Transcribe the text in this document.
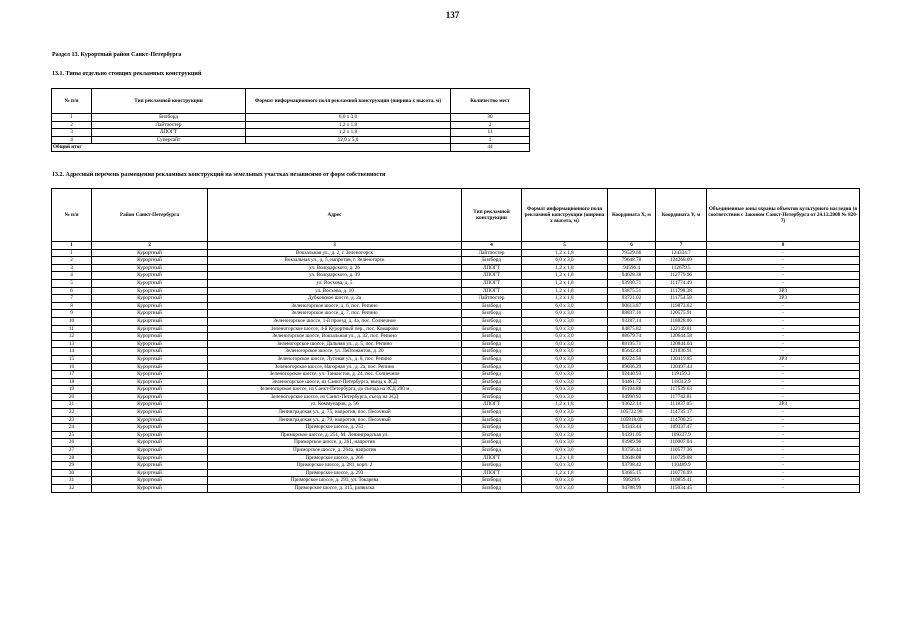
137
Раздел 13. Курортный район Санкт-Петербурга
13.1. Типы отдельно стоящих рекламных конструкций
№ п/п	Тип рекламной конструкции	Формат информационного поля рекламной конструкции (ширина х высота, м)	Количество мест
1	Билборд	6,0 х 3,0	30
2	Лайтпостер	1,2 х 1,8	2
3	ЛПОГТ	1,2 х 1,8	11
4	Суперсайт	12,0 х 5,0	1
Общий итог			44
13.2. Адресный перечень размещения рекламных конструкций на земельных участках независимо от форм собственности
№ п/п	Район Санкт-Петербурга	Адрес	Тип рекламной конструкции	Формат информационного поля рекламной конструкции (ширина х высота, м)	Координата X, м	Координата Y, м	Объединенные зоны охраны объектов культурного наследия (в соответствии с Законом Санкт-Петербурга от 24.12.2008 № 820-7)
1	2	3	4	5	6	7	8
1	Курортный	Вокзальная ул., д. 2, г. Зеленогорск	Лайтпостер	1,2 х 1,8	79529.66	124334.7	-
2	Курортный	Вокзальная ул., д. 5, напротив, г. Зеленогорск	Билборд	6,0 х 3,0	79648.78	124268.09	-
3	Курортный	ул. Володарского, д. 26	ЛПОГТ	1,2 х 1,8	94596.4	112679.5	-
4	Курортный	ул. Володарского, д. 39	ЛПОГТ	1,2 х 1,8	94628.38	112779.96	-
5	Курортный	ул. Восхова, д. 5	ЛПОГТ	1,2 х 1,8	93930.71	111774.49	-
6	Курортный	ул. Восхова, д. 10	ЛПОГТ	1,2 х 1,8	93875.51	111798.38	ЗРЗ
7	Курортный	Дубковское шоссе, д. 2а	Лайтпостер	1,2 х 1,8	93721.02	111754.58	ЗРЗ
8	Курортный	Зеленогорское шоссе, д. 6, пос. Репино	Билборд	6,0 х 3,0	90613.87	119873.62	-
9	Курортный	Зеленогорское шоссе, д. 7, пос. Репино	Билборд	6,0 х 3,0	88837.16	120575.91	-
10	Курортный	Зеленогорское шоссе, 1-й проезд, д. 4а, пос. Солнечное	Билборд	6,0 х 3,0	93287.14	118828.06	-
11	Курортный	Зеленогорское шоссе, 4-й Курортный пер., пос. Комарово	Билборд	6,0 х 3,0	84875.82	122149.81	-
12	Курортный	Зеленогорское шоссе, Вокзальная ул., д. 32, пос. Репино	Билборд	6,0 х 3,0	88679.74	120644.58	-
13	Курортный	Зеленогорское шоссе, Дальняя ул., д. 5, пос. Репино	Билборд	6,0 х 3,0	88195.71	120844.04	-
14	Курортный	Зеленогорское шоссе, ул. Лейтенантов, д. 20	Билборд	6,0 х 3,0	85642.43	121836.91	-
15	Курортный	Зеленогорское шоссе, Луговая ул., д. 8, пос. Репино	Билборд	6,0 х 3,0	89224.56	120419.85	ЗРЗ
16	Курортный	Зеленогорское шоссе, Нагорная ул., д. 2а, пос. Репино	Билборд	6,0 х 3,0	89036.29	120497.44	-
17	Курортный	Зеленогорское шоссе, ул. Танкистов, д. 24, пос. Солнечное	Билборд	6,0 х 3,0	92440.93	119159.2	-
18	Курортный	Зеленогорское шоссе, из Санкт-Петербурга, въезд к ЗСД	Билборд	6,0 х 3,0	94461.72	118312.9	-
19	Курортный	Зеленогорское шоссе, из Санкт-Петербурга, до съезда на ЗСД 200 м	Билборд	6,0 х 3,0	95104.88	117539.63	-
20	Курортный	Зеленогорское шоссе, из Санкт-Петербурга, съезд на ЗСД	Билборд	6,0 х 3,0	94990.92	117742.81	-
21	Курортный	ул. Коммунаров, д. 56	ЛПОГТ	1,2 х 1,8	93622.14	111837.05	ЗРЗ
22	Курортный	Ленинградская ул., д. 75, напротив, пос. Песочный	Билборд	6,0 х 3,0	105722.96	114735.17	-
23	Курортный	Ленинградская ул., д. 79, напротив, пос. Песочный	Билборд	6,0 х 3,0	105818.09	114700.25	-
24	Курортный	Приморское шоссе, д. 251	Билборд	6,0 х 3,0	94343.44	109337.47	-
25	Курортный	Приморское шоссе, д. 251, М. Ленинградская ул.	Билборд	6,0 х 3,0	94391.05	109337.9	-
26	Курортный	Приморское шоссе, д. 261, напротив	Билборд	6,0 х 3,0	93989.96	110007.04	-
27	Курортный	Приморское шоссе, д. 264а, напротив	Билборд	6,0 х 3,0	93756.44	110577.36	-
28	Курортный	Приморское шоссе, д. 266	ЛПОГТ	1,2 х 1,8	93648.08	110729.08	-
29	Курортный	Приморское шоссе, д. 281, корп. 2	Билборд	6,0 х 3,0	93798.42	110489.9	-
30	Курортный	Приморское шоссе, д. 293	ЛПОГТ	1,2 х 1,8	93665.15	110776.99	-
31	Курортный	Приморское шоссе, д. 293, ул. Токарева	Билборд	6,0 х 3,0	93629.6	110859.41	-
32	Курортный	Приморское шоссе, д. 315, развилка	Билборд	6,0 х 3,0	94788.99	115034.45	-
